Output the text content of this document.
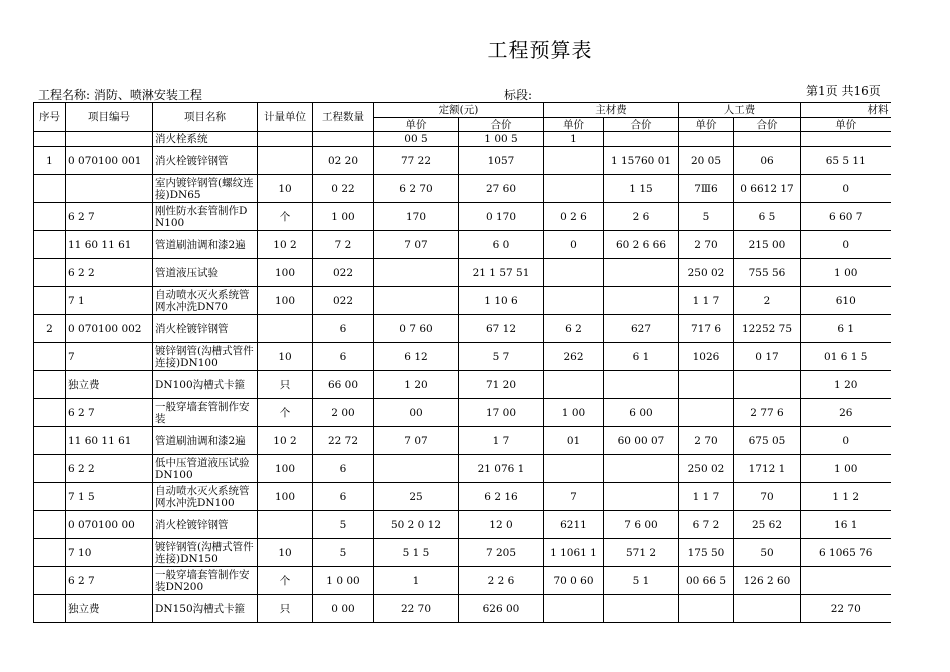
工程预算表
工程名称: 消防、喷淋安装工程	标段:	第1页 共16页
序号	项目编号	项目名称	计量单位	工程数量	定额(元)		主材费		人工费		材料
					单价	合价	单价	合价	单价	合价	单价
		消火栓系统			00 5	1 00 5	1				
1	0 070100 001	消火栓镀锌钢管		02 20	77 22	1057		1 15760 01	20 05	06	65 5 11
		室内镀锌钢管(螺纹连接)DN65	10	0 22	6 2 70	27 60		1 15	7Ⅲ6	0 6612 17	0
	6 2 7	刚性防水套管制作DN100	个	1 00	170	0 170	0 2 6	2 6	5	6 5	6 60 7
	11 60 11 61	管道刷油调和漆2遍	10 2	7 2	7 07	6 0	0	60 2 6 66	2 70	215 00	0
	6 2 2	管道液压试验	100	022		21 1 57 51			250 02	755 56	1 00
	7 1	自动喷水灭火系统管网水冲洗DN70	100	022		1 10 6			1 1 7	2	610
2	0 070100 002	消火栓镀锌钢管		6	0 7 60	67 12	6 2	627	717 6	12252 75	6 1
	7	镀锌钢管(沟槽式管件连接)DN100	10	6	6 12	5 7	262	6 1	1026	0 17	01 6 1 5
	独立费	DN100沟槽式卡箍	只	66 00	1 20	71 20					1 20
	6 2 7	一般穿墙套管制作安装	个	2 00	00	17 00	1 00	6 00		2 77 6	26
	11 60 11 61	管道刷油调和漆2遍	10 2	22 72	7 07	1 7	01	60 00 07	2 70	675 05	0
	6 2 2	低中压管道液压试验DN100	100	6		21 076 1			250 02	1712 1	1 00
	7 1 5	自动喷水灭火系统管网水冲洗DN100	100	6	25	6 2 16	7		1 1 7	70	1 1 2
	0 070100 00	消火栓镀锌钢管		5	50 2 0 12	12 0	6211	7 6 00	6 7 2	25 62	16 1
	7 10	镀锌钢管(沟槽式管件连接)DN150	10	5	5 1 5	7 205	1 1061 1	571 2	175 50	50	6 1065 76
	6 2 7	一般穿墙套管制作安装DN200	个	1 0 00	1	2 2 6	70 0 60	5 1	00 66 5	126 2 60	
	独立费	DN150沟槽式卡箍	只	0 00	22 70	626 00					22 70
